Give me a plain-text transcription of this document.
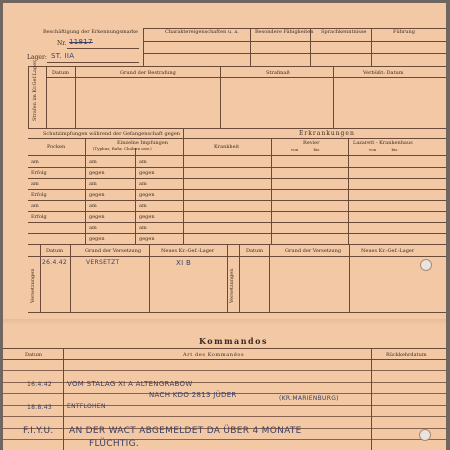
Beschäftigung der Erkennungsmarke	Charaktereigenschaften u. a.	Besondere Fähigkeiten Sprachkenntnisse	Führung
Nr. 11817
Lager: ST. IIA
Strafen im Kr.Gef.Lager	Datum	Grund der Bestrafung	Strafmaß	Verbüßt: Datum
Schutzimpfungen während der Gefangenschaft gegen	Erkrankungen
Pocken
Einzelne Impfungen
(Typhus, Ruhr, Cholera usw.)	Krankheit
Revier
von bis
Lazarett - Krankenhaus
von bis
am	am	am
Erfolg	gegen	gegen
am	am	am
Erfolg	gegen	gegen
am	am	am
Erfolg	gegen	gegen
am	am
gegen	gegen
Versetzungen	Versetzungen
Datum	Grund der Versetzung	Neues Kr.-Gef.-Lager	Datum	Grund der Versetzung	Neues Kr.-Gef.-Lager
26.4.42	VERSETZT	XI B
Kommandos
Datum	Art des Kommandos	Rückkehrdatum
16.4.42 VOM STALAG XI A ALTENGRABOW
NACH KDO 2813 JÜDER	(KR.MARIENBURG)
18.8.43 ENTFLOHEN
F.I.Y.U. AN DER WACT ABGEMELDET DA ÜBER 4 MONATE
FLÜCHTIG.
